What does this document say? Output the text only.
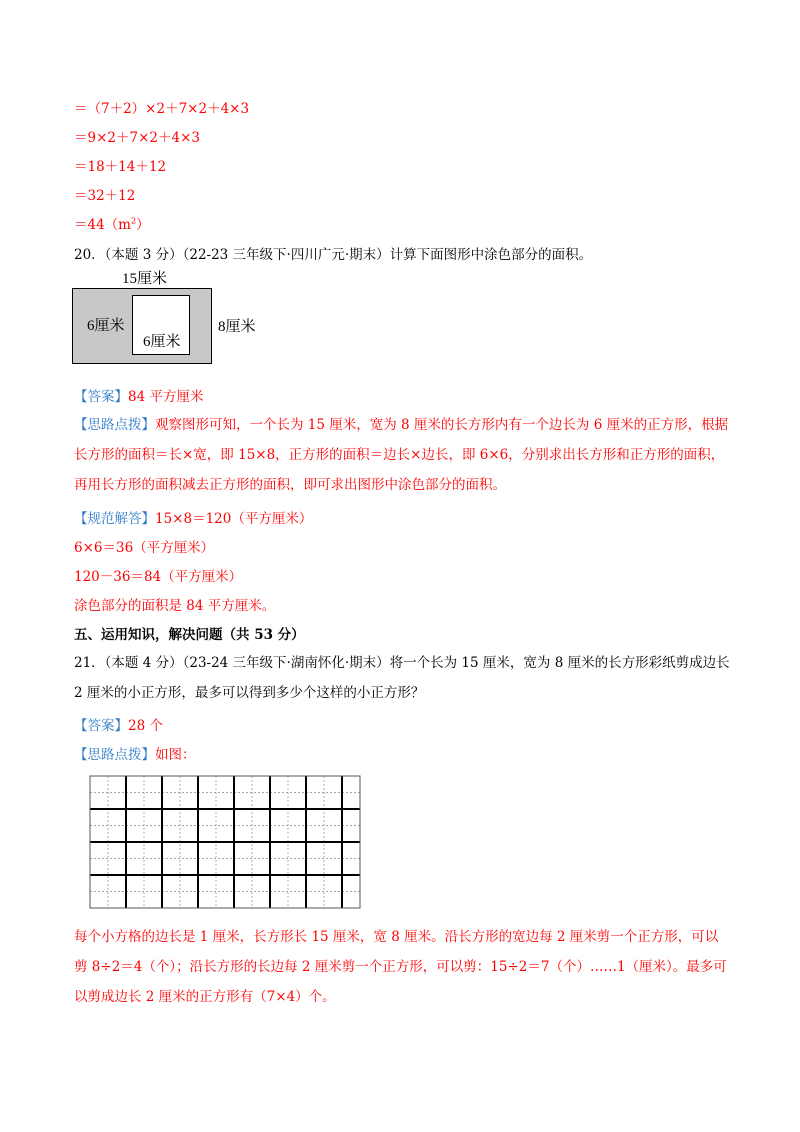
＝（7＋2）×2＋7×2＋4×3
＝9×2＋7×2＋4×3
＝18＋14＋12
＝32＋12
$=44(m^2)$
20．（本题 3 分）（22-23 三年级下·四川广元·期末）计算下面图形中涂色部分的面积。
15厘米
6厘米
6厘米
8厘米
【答案】84 平方厘米
【思路点拨】观察图形可知，一个长为 15 厘米，宽为 8 厘米的长方形内有一个边长为 6 厘米的正方形，根据长方形的面积＝长×宽，即 15×8，正方形的面积＝边长×边长，即 6×6，分别求出长方形和正方形的面积，再用长方形的面积减去正方形的面积，即可求出图形中涂色部分的面积。
【规范解答】15×8＝120（平方厘米）
6×6＝36（平方厘米）
120－36＝84（平方厘米）
涂色部分的面积是 84 平方厘米。
五、运用知识，解决问题（共 53 分）
21．（本题 4 分）（23-24 三年级下·湖南怀化·期末）将一个长为 15 厘米，宽为 8 厘米的长方形彩纸剪成边长 2 厘米的小正方形，最多可以得到多少个这样的小正方形？
【答案】28 个
【思路点拨】如图：
每个小方格的边长是 1 厘米，长方形长 15 厘米，宽 8 厘米。沿长方形的宽边每 2 厘米剪一个正方形，可以剪 8÷2＝4（个）；沿长方形的长边每 2 厘米剪一个正方形，可以剪：15÷2＝7（个）……1（厘米）。最多可以剪成边长 2 厘米的正方形有（7×4）个。
